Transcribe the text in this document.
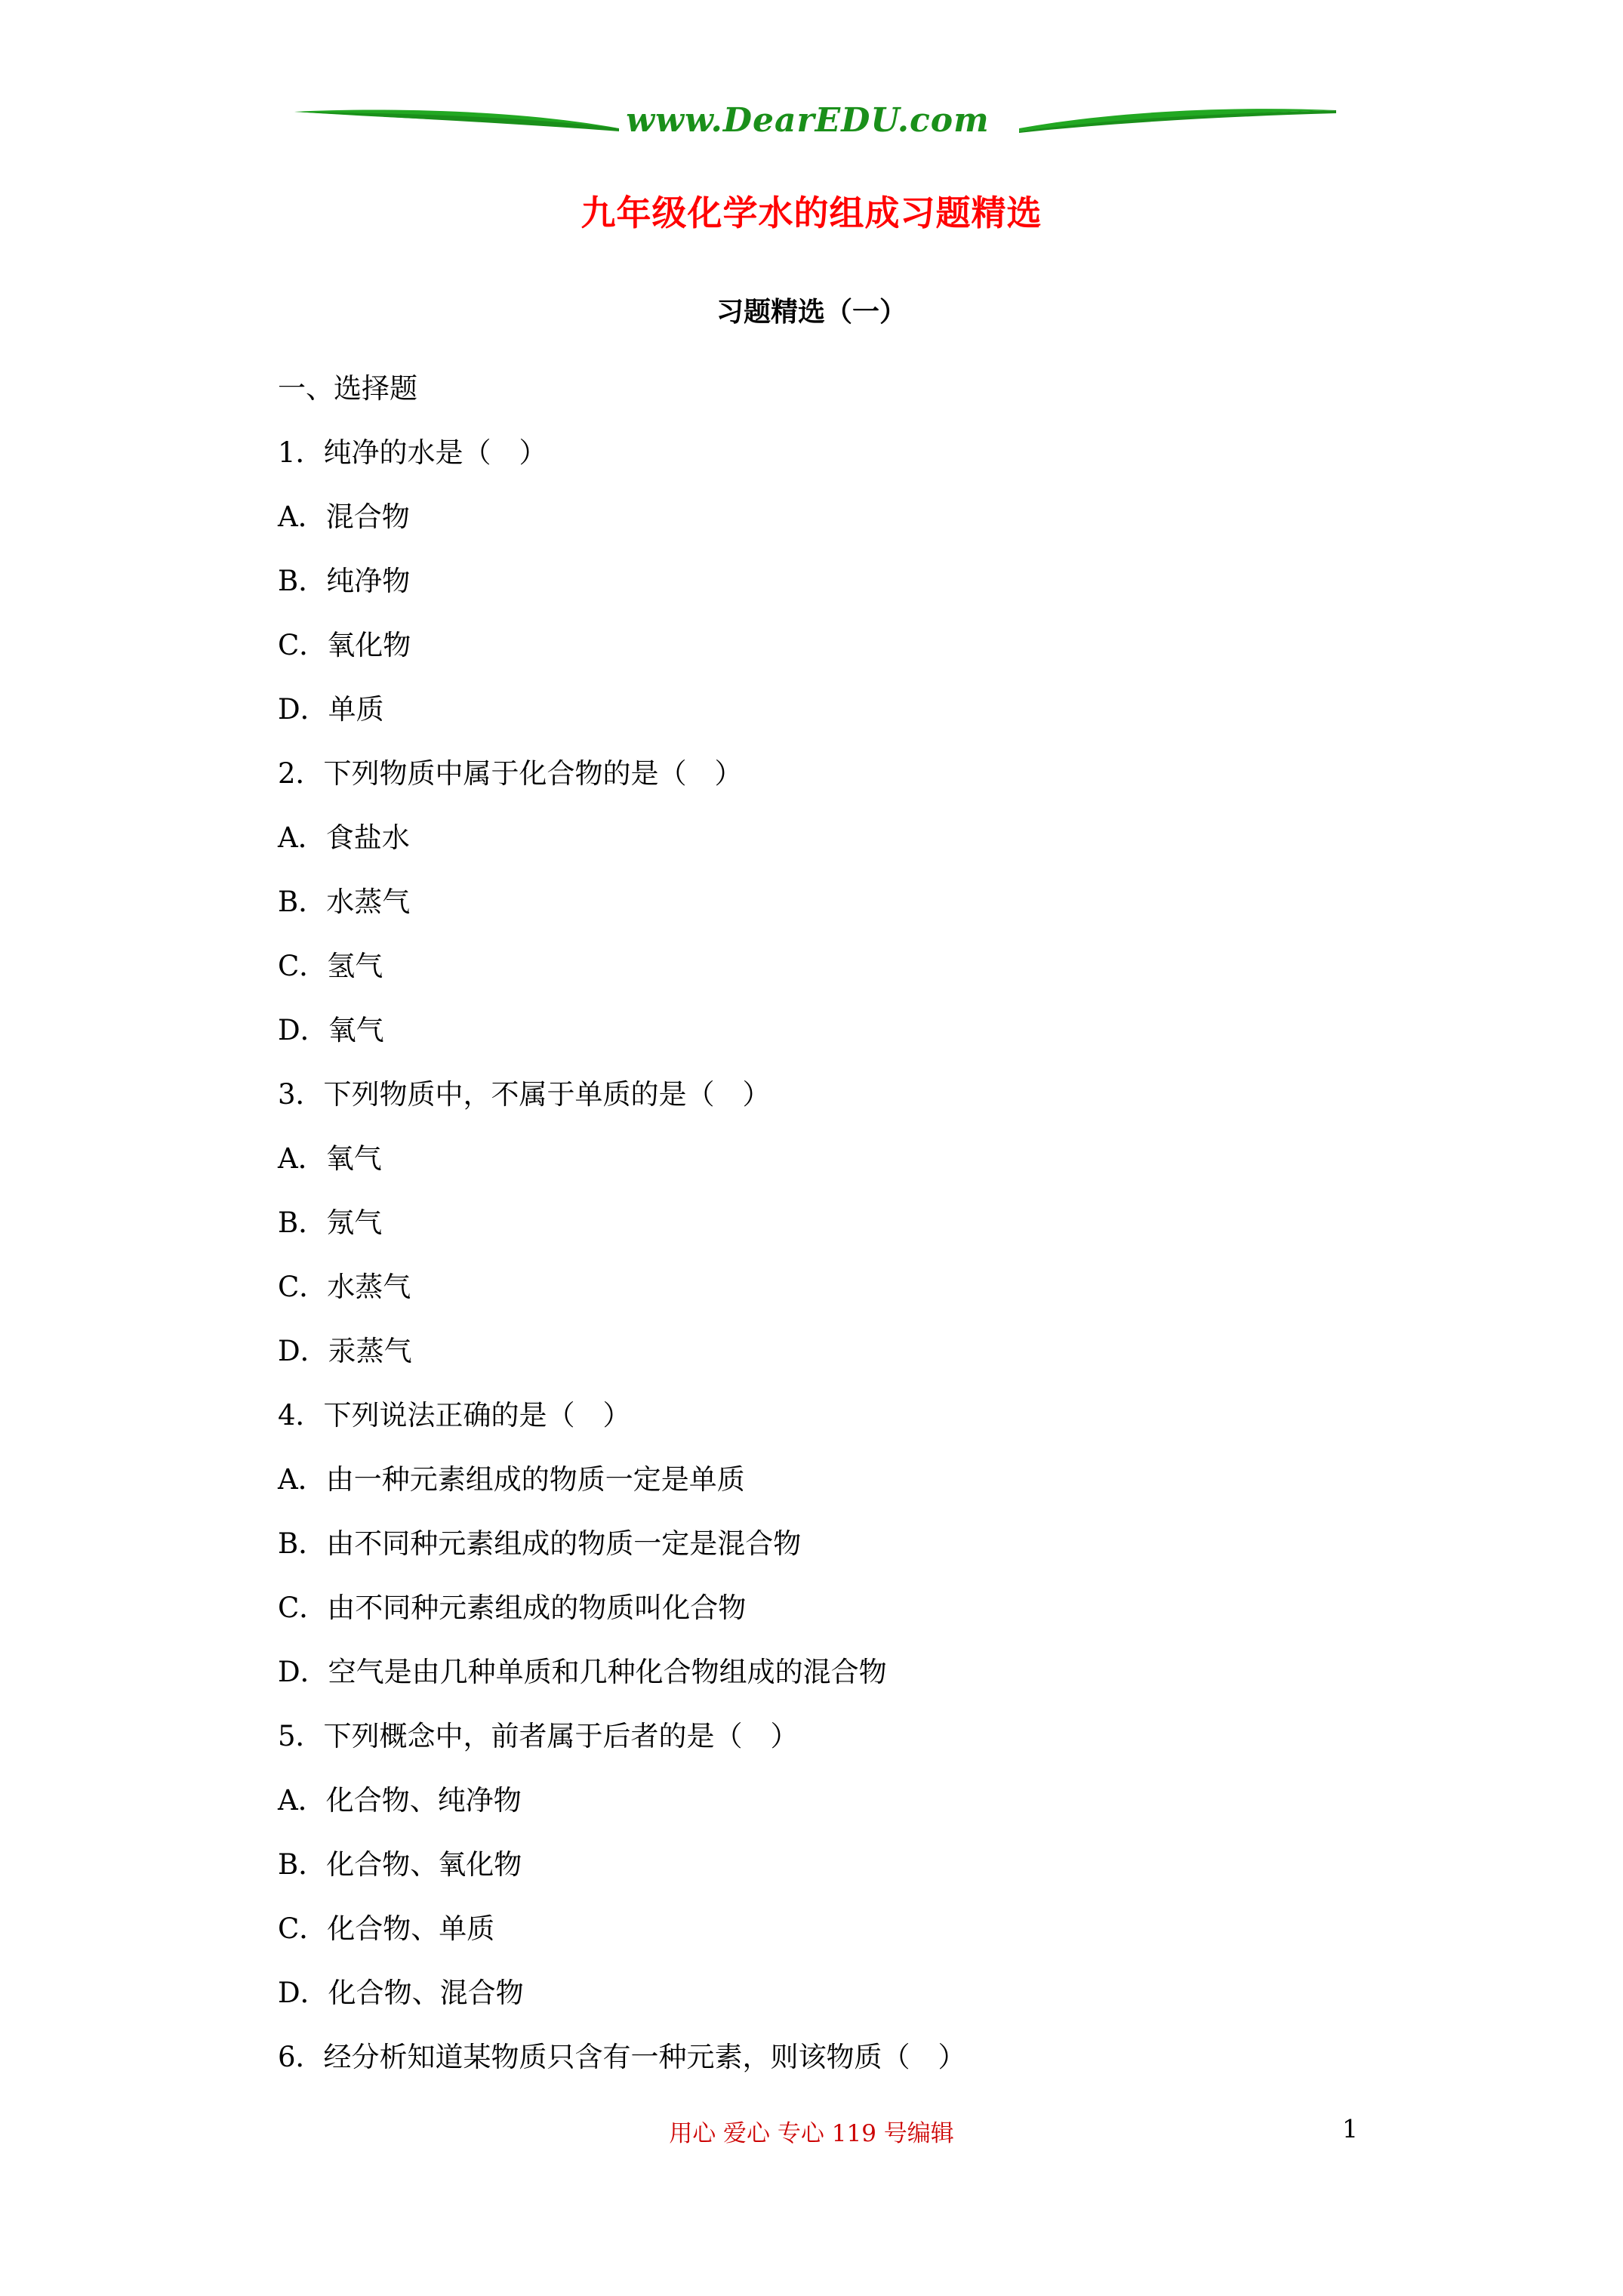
www.DearEDU.com
九年级化学水的组成习题精选
习题精选（一）
一、选择题
1．纯净的水是（　）
A．混合物
B．纯净物
C．氧化物
D．单质
2．下列物质中属于化合物的是（　）
A．食盐水
B．水蒸气
C．氢气
D．氧气
3．下列物质中，不属于单质的是（　）
A．氧气
B．氖气
C．水蒸气
D．汞蒸气
4．下列说法正确的是（　）
A．由一种元素组成的物质一定是单质
B．由不同种元素组成的物质一定是混合物
C．由不同种元素组成的物质叫化合物
D．空气是由几种单质和几种化合物组成的混合物
5．下列概念中，前者属于后者的是（　）
A．化合物、纯净物
B．化合物、氧化物
C．化合物、单质
D．化合物、混合物
6．经分析知道某物质只含有一种元素，则该物质（　）
用心 爱心 专心 119 号编辑	1
